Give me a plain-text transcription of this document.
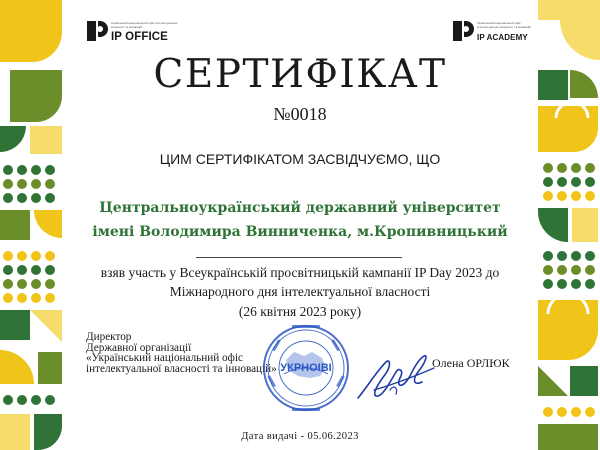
Український національний офіс інтелектуальної власності та інновацій
IP OFFICE
Український національний офіс інтелектуальної власності та інновацій
IP ACADEMY
СЕРТИФІКАТ
№0018
ЦИМ СЕРТИФІКАТОМ ЗАСВІДЧУЄМО, ЩО
Центральноукраїнський державний університет
імені Володимира Винниченка, м.Кропивницький
взяв участь у Всеукраїнській просвітницькій кампанії IP Day 2023 до
Міжнародного дня інтелектуальної власності
(26 квітня 2023 року)
Директор
Державної організації
«Український національний офіс
інтелектуальної власності та інновацій» УКРНОІВІ	Олена ОРЛЮК
Дата видачі - 05.06.2023
